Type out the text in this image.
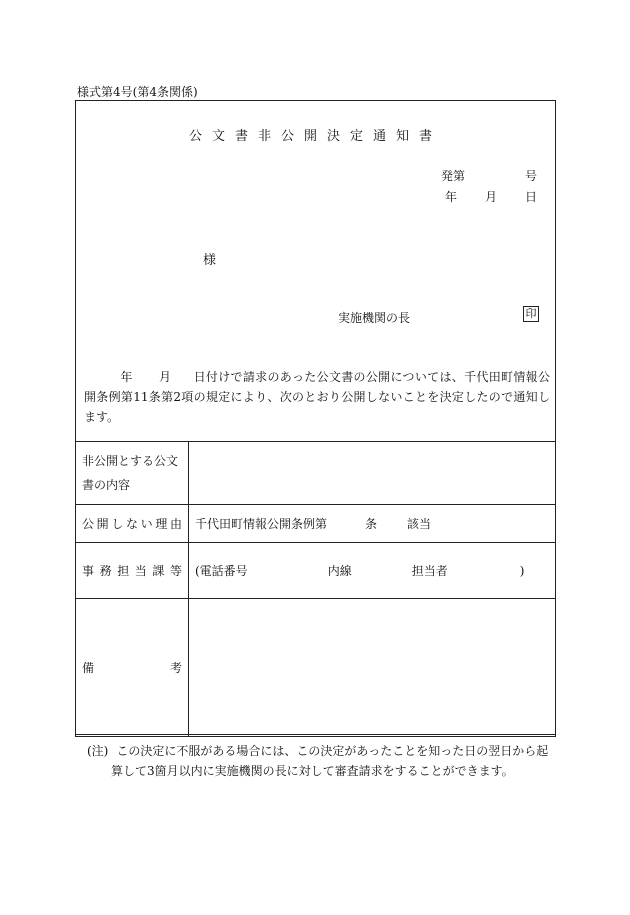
様式第4号(第4条関係)
公文書非公開決定通知書
発第	号
年 月 日
様
実施機関の長	印
年 月 日付けで請求のあった公文書の公開については、千代田町情報公開条例第11条第2項の規定により、次のとおり公開しないことを決定したので通知します。
非公開とする公文書の内容	
公開しない理由	千代田町情報公開条例第 条 該当
事務担当課等	(電話番号 内線 担当者 )
備考	
(注) この決定に不服がある場合には、この決定があったことを知った日の翌日から起
算して3箇月以内に実施機関の長に対して審査請求をすることができます。
